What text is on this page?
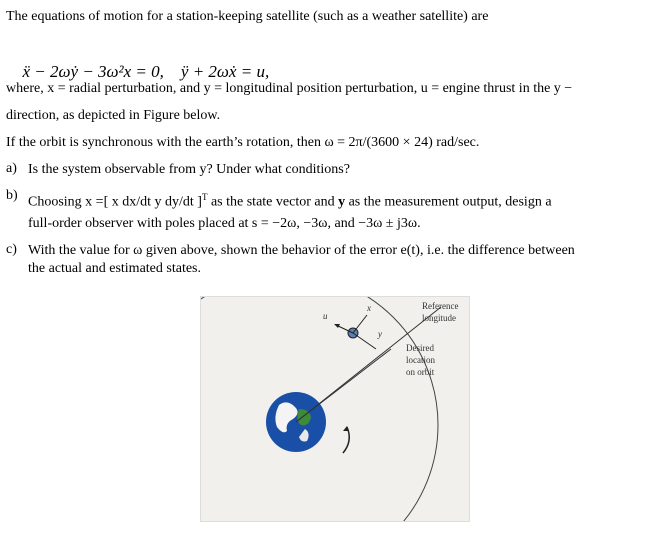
The equations of motion for a station-keeping satellite (such as a weather satellite) are

ẍ − 2ωẏ − 3ω²x = 0, ÿ + 2ωẋ = u,

where, x = radial perturbation, and y = longitudinal position perturbation, u = engine thrust in the y −
direction, as depicted in Figure below.
If the orbit is synchronous with the earth’s rotation, then ω = 2π/(3600 × 24) rad/sec.
a) Is the system observable from y? Under what conditions?
b) Choosing x =[ x dx/dt y dy/dt ]$^T$ as the state vector and y as the measurement output, design a
full-order observer with poles placed at s = −2ω, −3ω, and −3ω ± j3ω.
c) With the value for ω given above, shown the behavior of the error e(t), i.e. the difference between
the actual and estimated states.
u
x
y
Reference
longitude
Desired
location
on orbit
